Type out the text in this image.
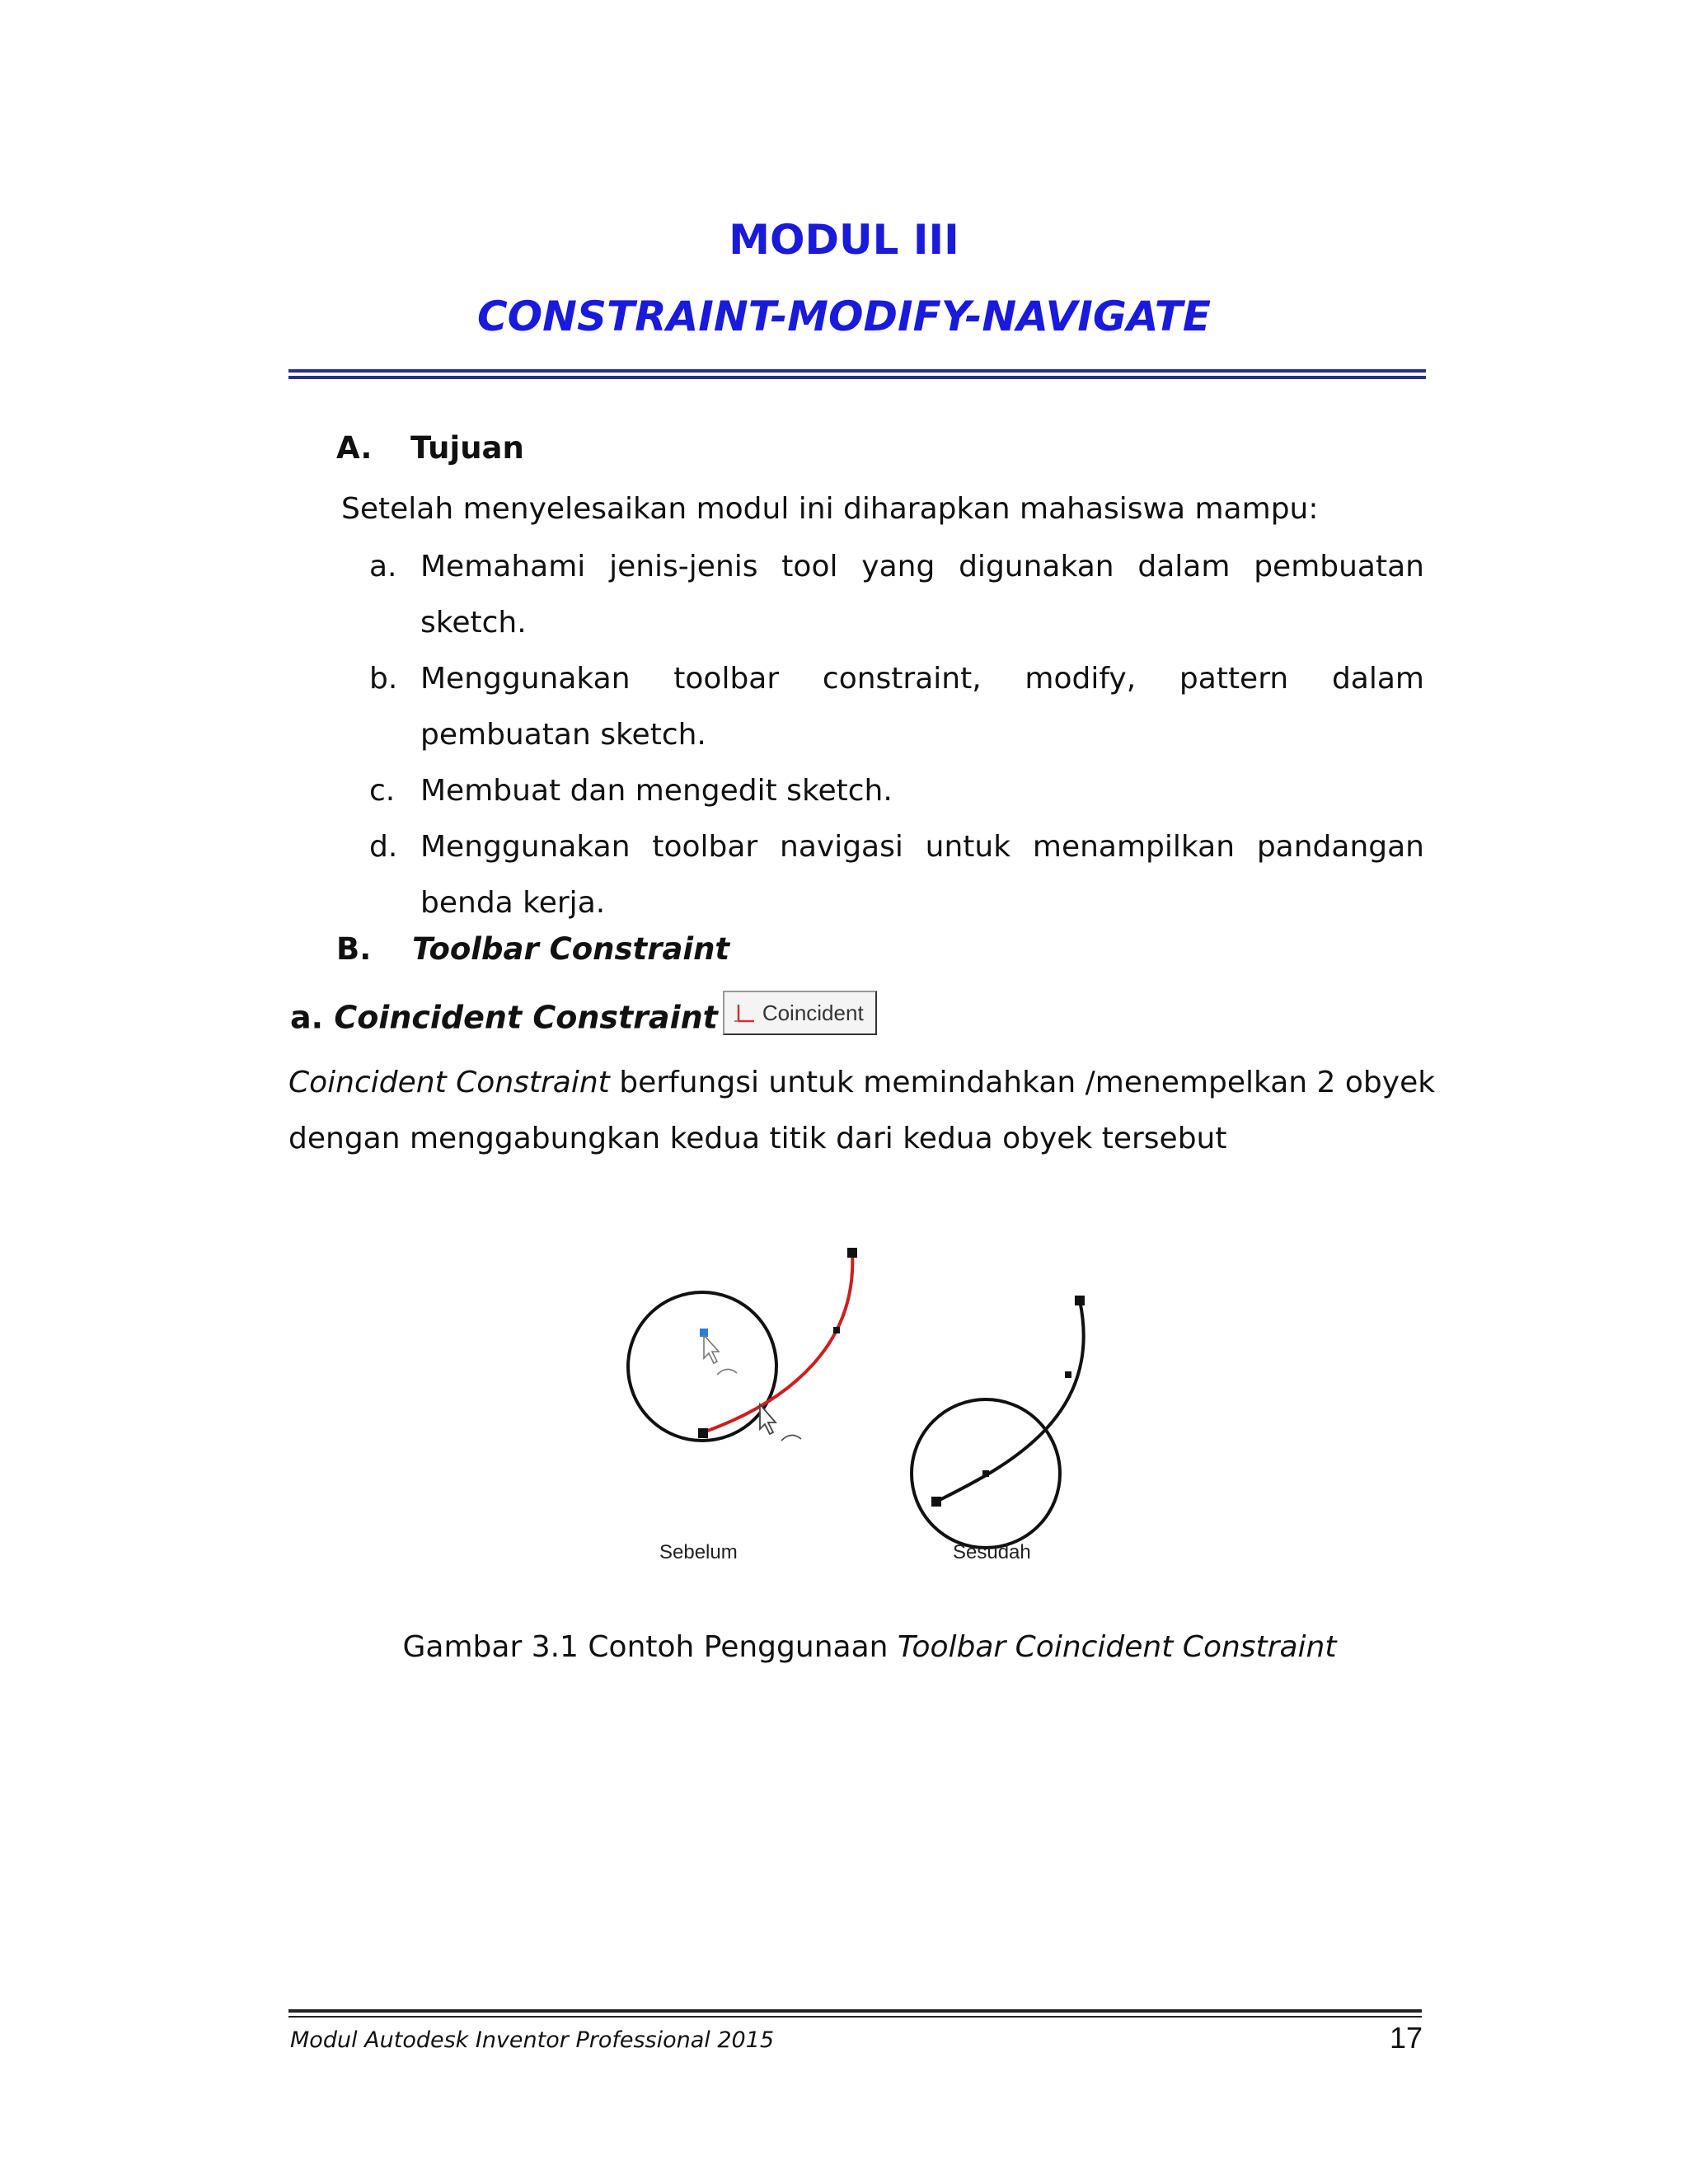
MODUL III
CONSTRAINT-MODIFY-NAVIGATE
A. Tujuan

Setelah menyelesaikan modul ini diharapkan mahasiswa mampu:

a. Memahami jenis-jenis tool yang digunakan dalam pembuatan sketch.
b. Menggunakan toolbar constraint, modify, pattern dalam pembuatan sketch.
c. Membuat dan mengedit sketch.
d. Menggunakan toolbar navigasi untuk menampilkan pandangan benda kerja.
B. Toolbar Constraint
a. Coincident Constraint Coincident

Coincident Constraint berfungsi untuk memindahkan /menempelkan 2 obyek

dengan menggabungkan kedua titik dari kedua obyek tersebut

Sebelum	Sesudah

Gambar 3.1 Contoh Penggunaan Toolbar Coincident Constraint

Modul Autodesk Inventor Professional 2015	17
